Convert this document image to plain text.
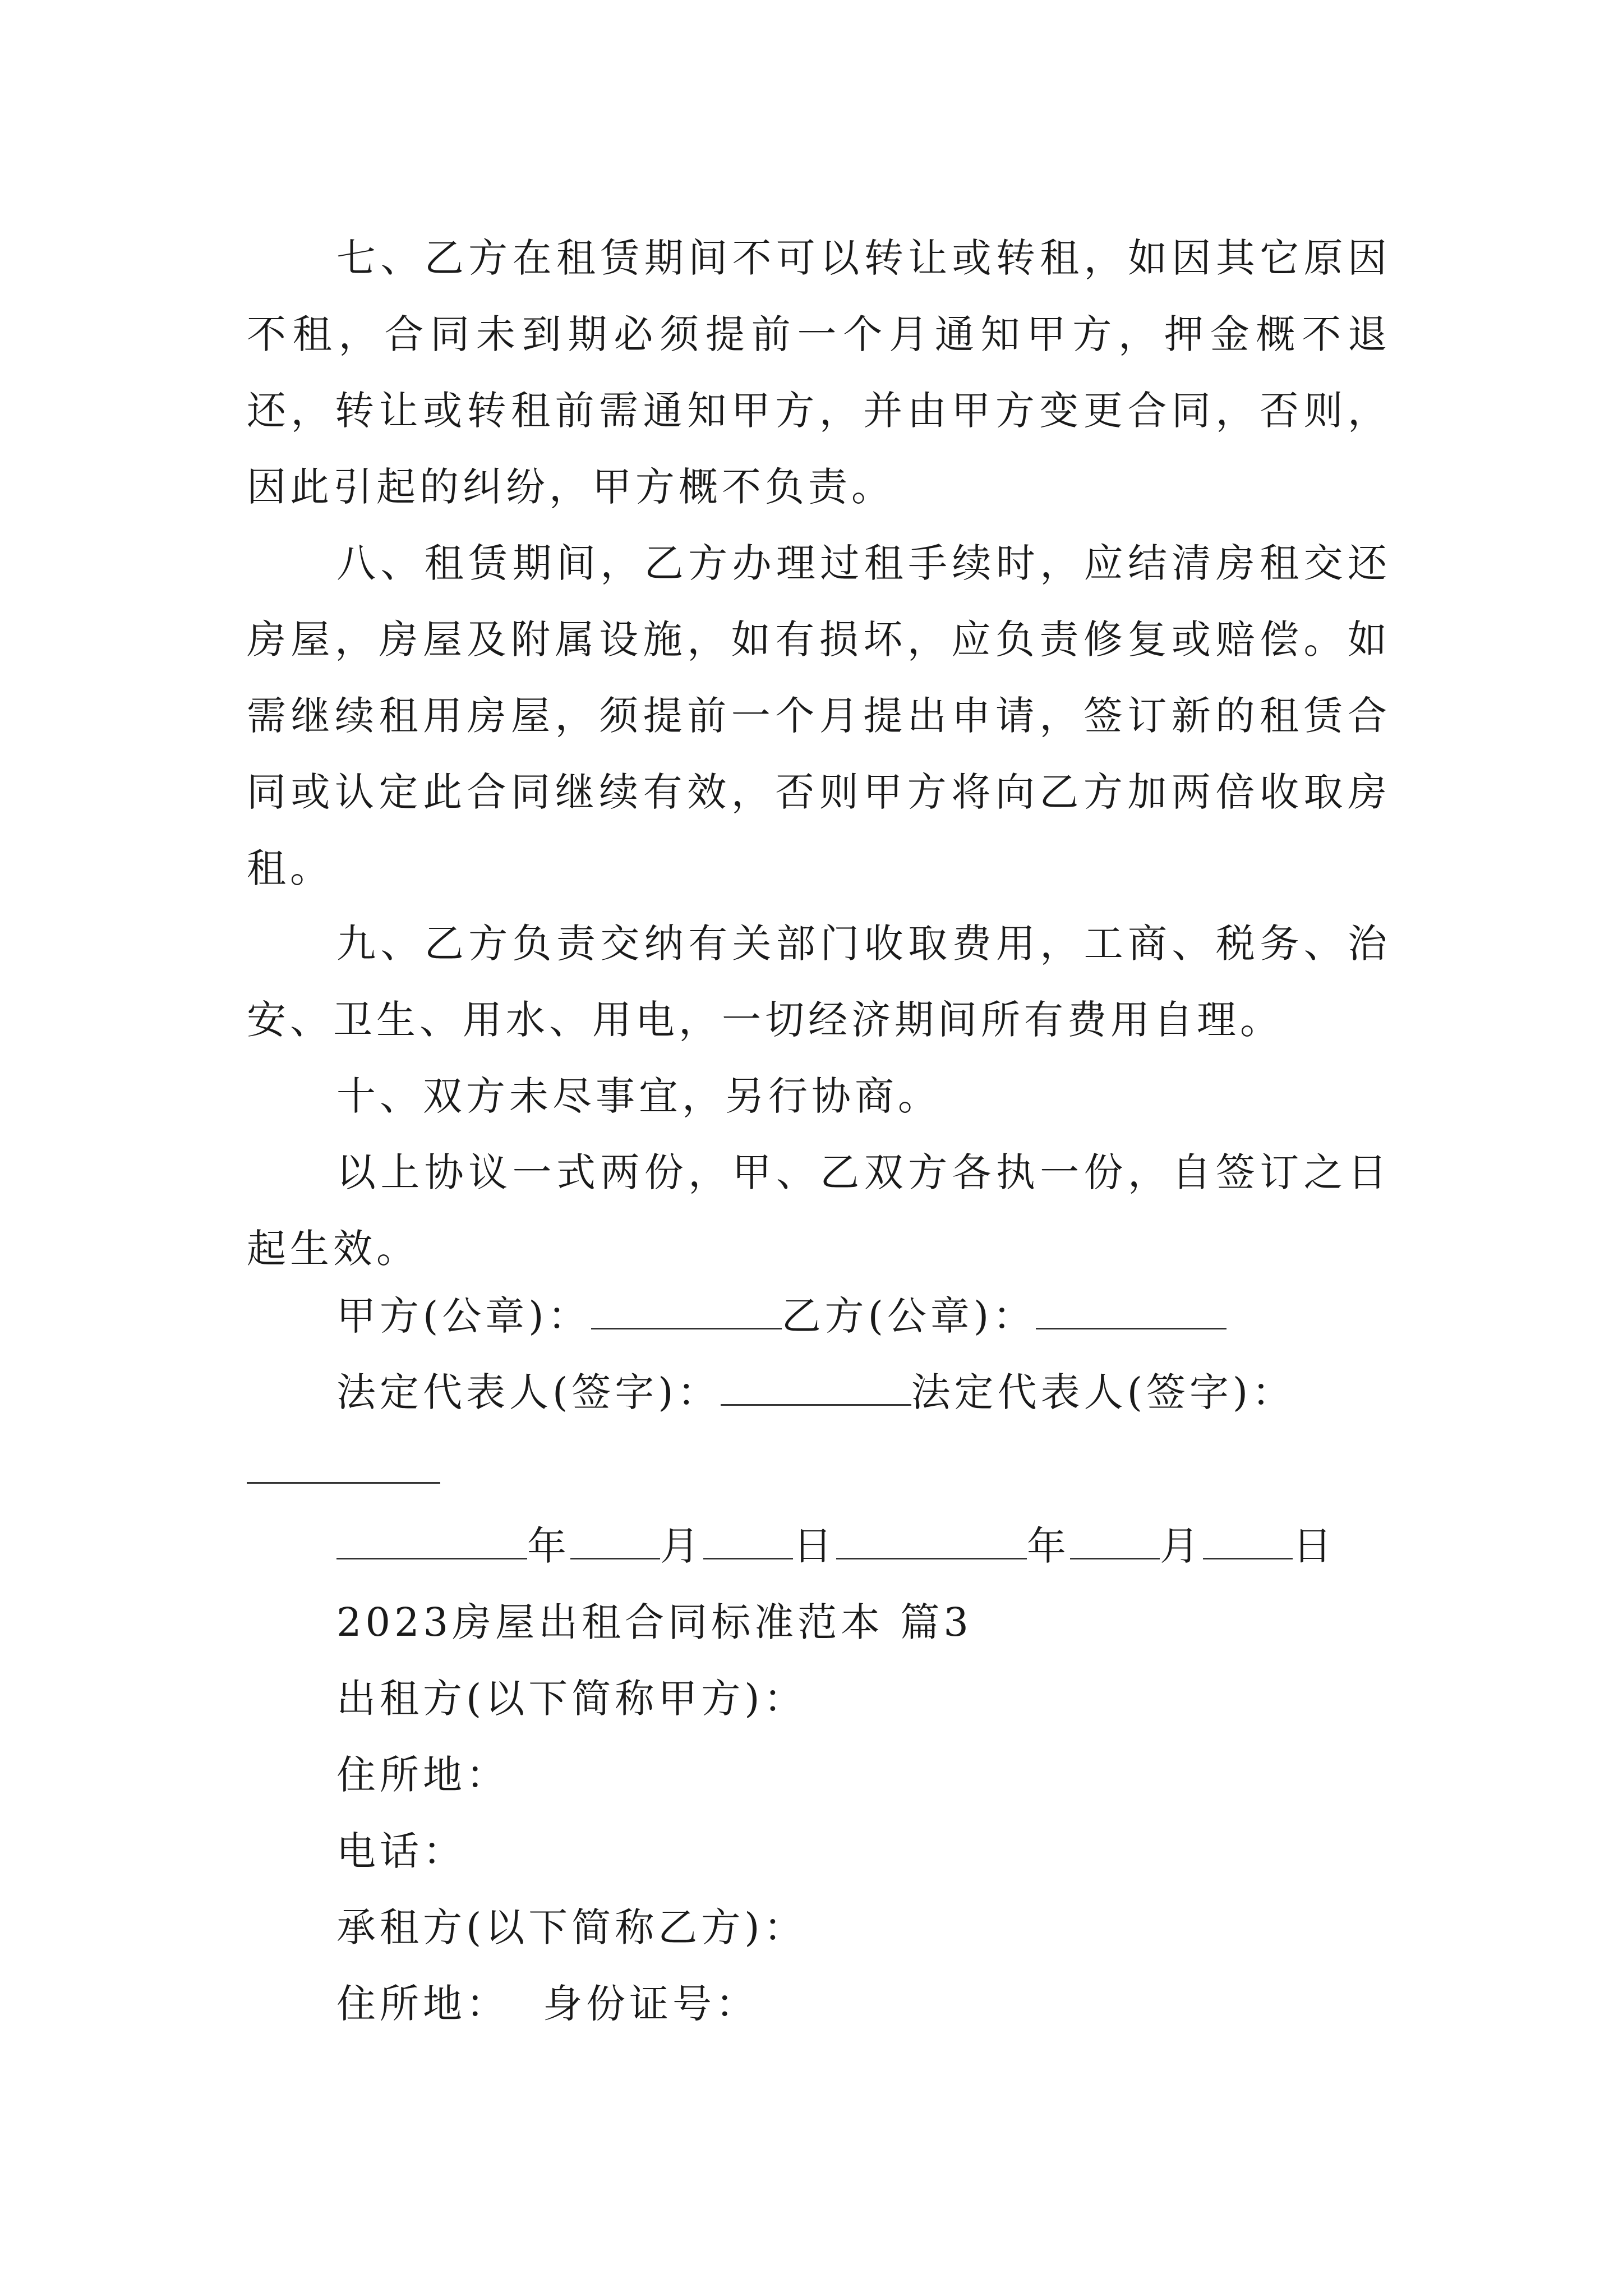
七、乙方在租赁期间不可以转让或转租，如因其它原因不租，合同未到期必须提前一个月通知甲方，押金概不退还，转让或转租前需通知甲方，并由甲方变更合同，否则，因此引起的纠纷，甲方概不负责。

八、租赁期间，乙方办理过租手续时，应结清房租交还房屋，房屋及附属设施，如有损坏，应负责修复或赔偿。如需继续租用房屋，须提前一个月提出申请，签订新的租赁合同或认定此合同继续有效，否则甲方将向乙方加两倍收取房租。

九、乙方负责交纳有关部门收取费用，工商、税务、治安、卫生、用水、用电，一切经济期间所有费用自理。

十、双方未尽事宜，另行协商。

以上协议一式两份，甲、乙双方各执一份，自签订之日起生效。

甲方(公章)：	乙方(公章)：
法定代表人(签字)：	法定代表人(签字)：
年 月 日	年 月 日
2023房屋出租合同标准范本 篇3
出租方(以下简称甲方)：
住所地：
电话：
承租方(以下简称乙方)：
住所地： 身份证号：
